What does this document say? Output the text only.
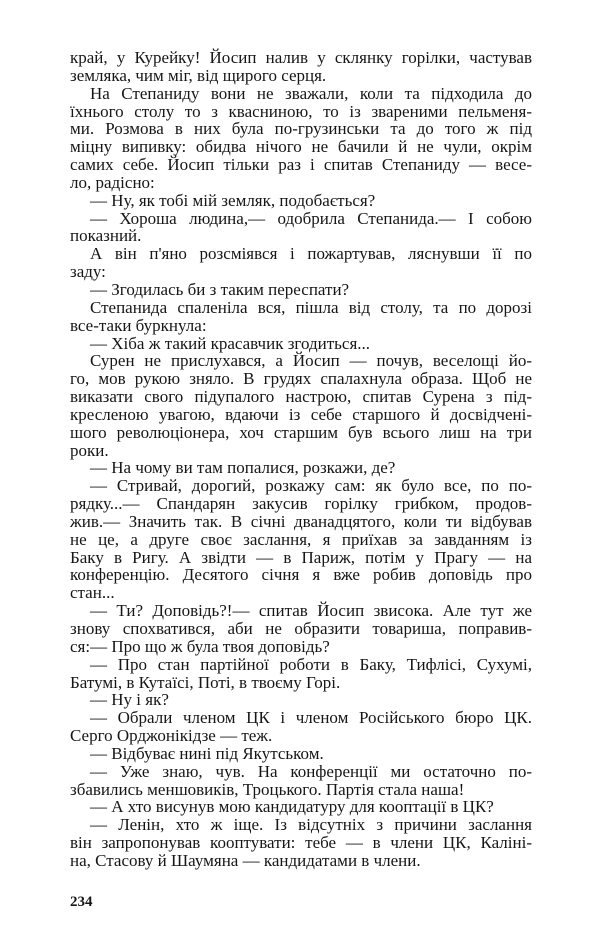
край, у Курейку! Йосип налив у склянку горілки, частував
земляка, чим міг, від щирого серця.
На Степаниду вони не зважали, коли та підходила до
їхнього столу то з квасниною, то із звареними пельменя-
ми. Розмова в них була по-грузинськи та до того ж під
міцну випивку: обидва нічого не бачили й не чули, окрім
самих себе. Йосип тільки раз і спитав Степаниду — весе-
ло, радісно:
— Ну, як тобі мій земляк, подобається?
— Хороша людина,— одобрила Степанида.— І собою
показний.
А він п'яно розсміявся і пожартував, ляснувши її по
заду:
— Згодилась би з таким переспати?
Степанида спаленіла вся, пішла від столу, та по дорозі
все-таки буркнула:
— Хіба ж такий красавчик згодиться...
Сурен не прислухався, а Йосип — почув, веселощі йо-
го, мов рукою зняло. В грудях спалахнула образа. Щоб не
виказати свого підупалого настрою, спитав Сурена з під-
кресленою увагою, вдаючи із себе старшого й досвідчені-
шого революціонера, хоч старшим був всього лиш на три
роки.
— На чому ви там попалися, розкажи, де?
— Стривай, дорогий, розкажу сам: як було все, по по-
рядку...— Спандарян закусив горілку грибком, продов-
жив.— Значить так. В січні дванадцятого, коли ти відбував
не це, а друге своє заслання, я приїхав за завданням із
Баку в Ригу. А звідти — в Париж, потім у Прагу — на
конференцію. Десятого січня я вже робив доповідь про
стан...
— Ти? Доповідь?!— спитав Йосип звисока. Але тут же
знову спохватився, аби не образити товариша, поправив-
ся:— Про що ж була твоя доповідь?
— Про стан партійної роботи в Баку, Тифлісі, Сухумі,
Батумі, в Кутаїсі, Поті, в твоєму Горі.
— Ну і як?
— Обрали членом ЦК і членом Російського бюро ЦК.
Серго Орджонікідзе — теж.
— Відбуває нині під Якутськом.
— Уже знаю, чув. На конференції ми остаточно по-
збавились меншовиків, Троцького. Партія стала наша!
— А хто висунув мою кандидатуру для кооптації в ЦК?
— Ленін, хто ж іще. Із відсутніх з причини заслання
він запропонував кооптувати: тебе — в члени ЦК, Каліні-
на, Стасову й Шаумяна — кандидатами в члени.
234
